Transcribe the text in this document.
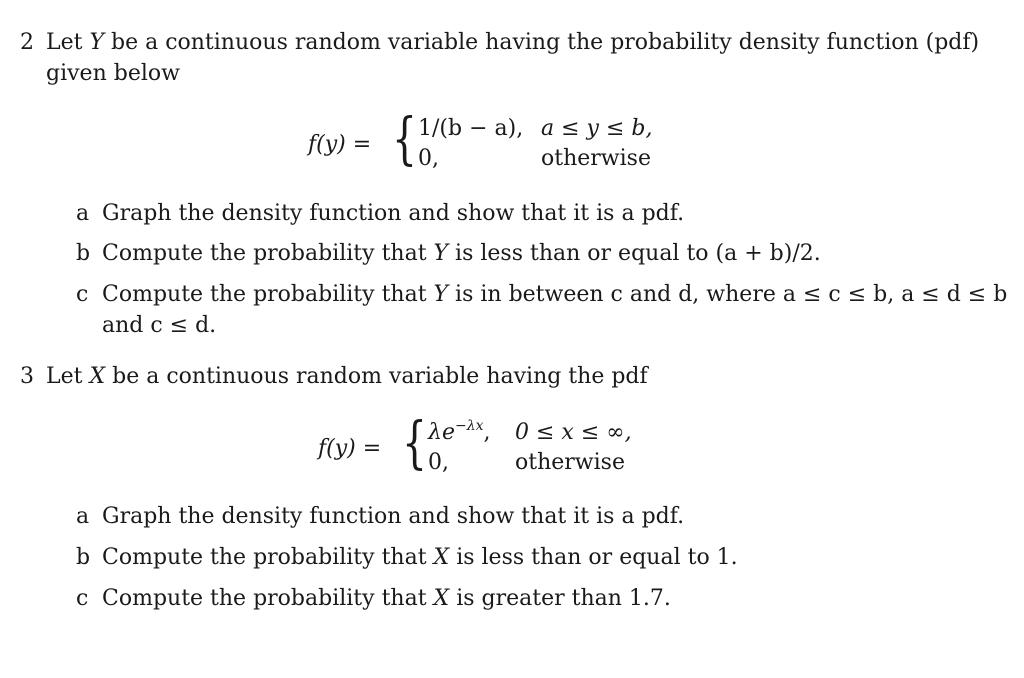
2 Let Y be a continuous random variable having the probability density function (pdf)
given below
f(y) = { 1/(b − a), a ≤ y ≤ b,
0,	otherwise
a Graph the density function and show that it is a pdf.
b Compute the probability that Y is less than or equal to (a + b)/2.
c Compute the probability that Y is in between c and d, where a ≤ c ≤ b, a ≤ d ≤ b
and c ≤ d.
3 Let X be a continuous random variable having the pdf
f(y) = { $\lambda e^{-\lambda x}$, 0 ≤ x ≤ ∞,
0,	otherwise
a Graph the density function and show that it is a pdf.
b Compute the probability that X is less than or equal to 1.
c Compute the probability that X is greater than 1.7.
